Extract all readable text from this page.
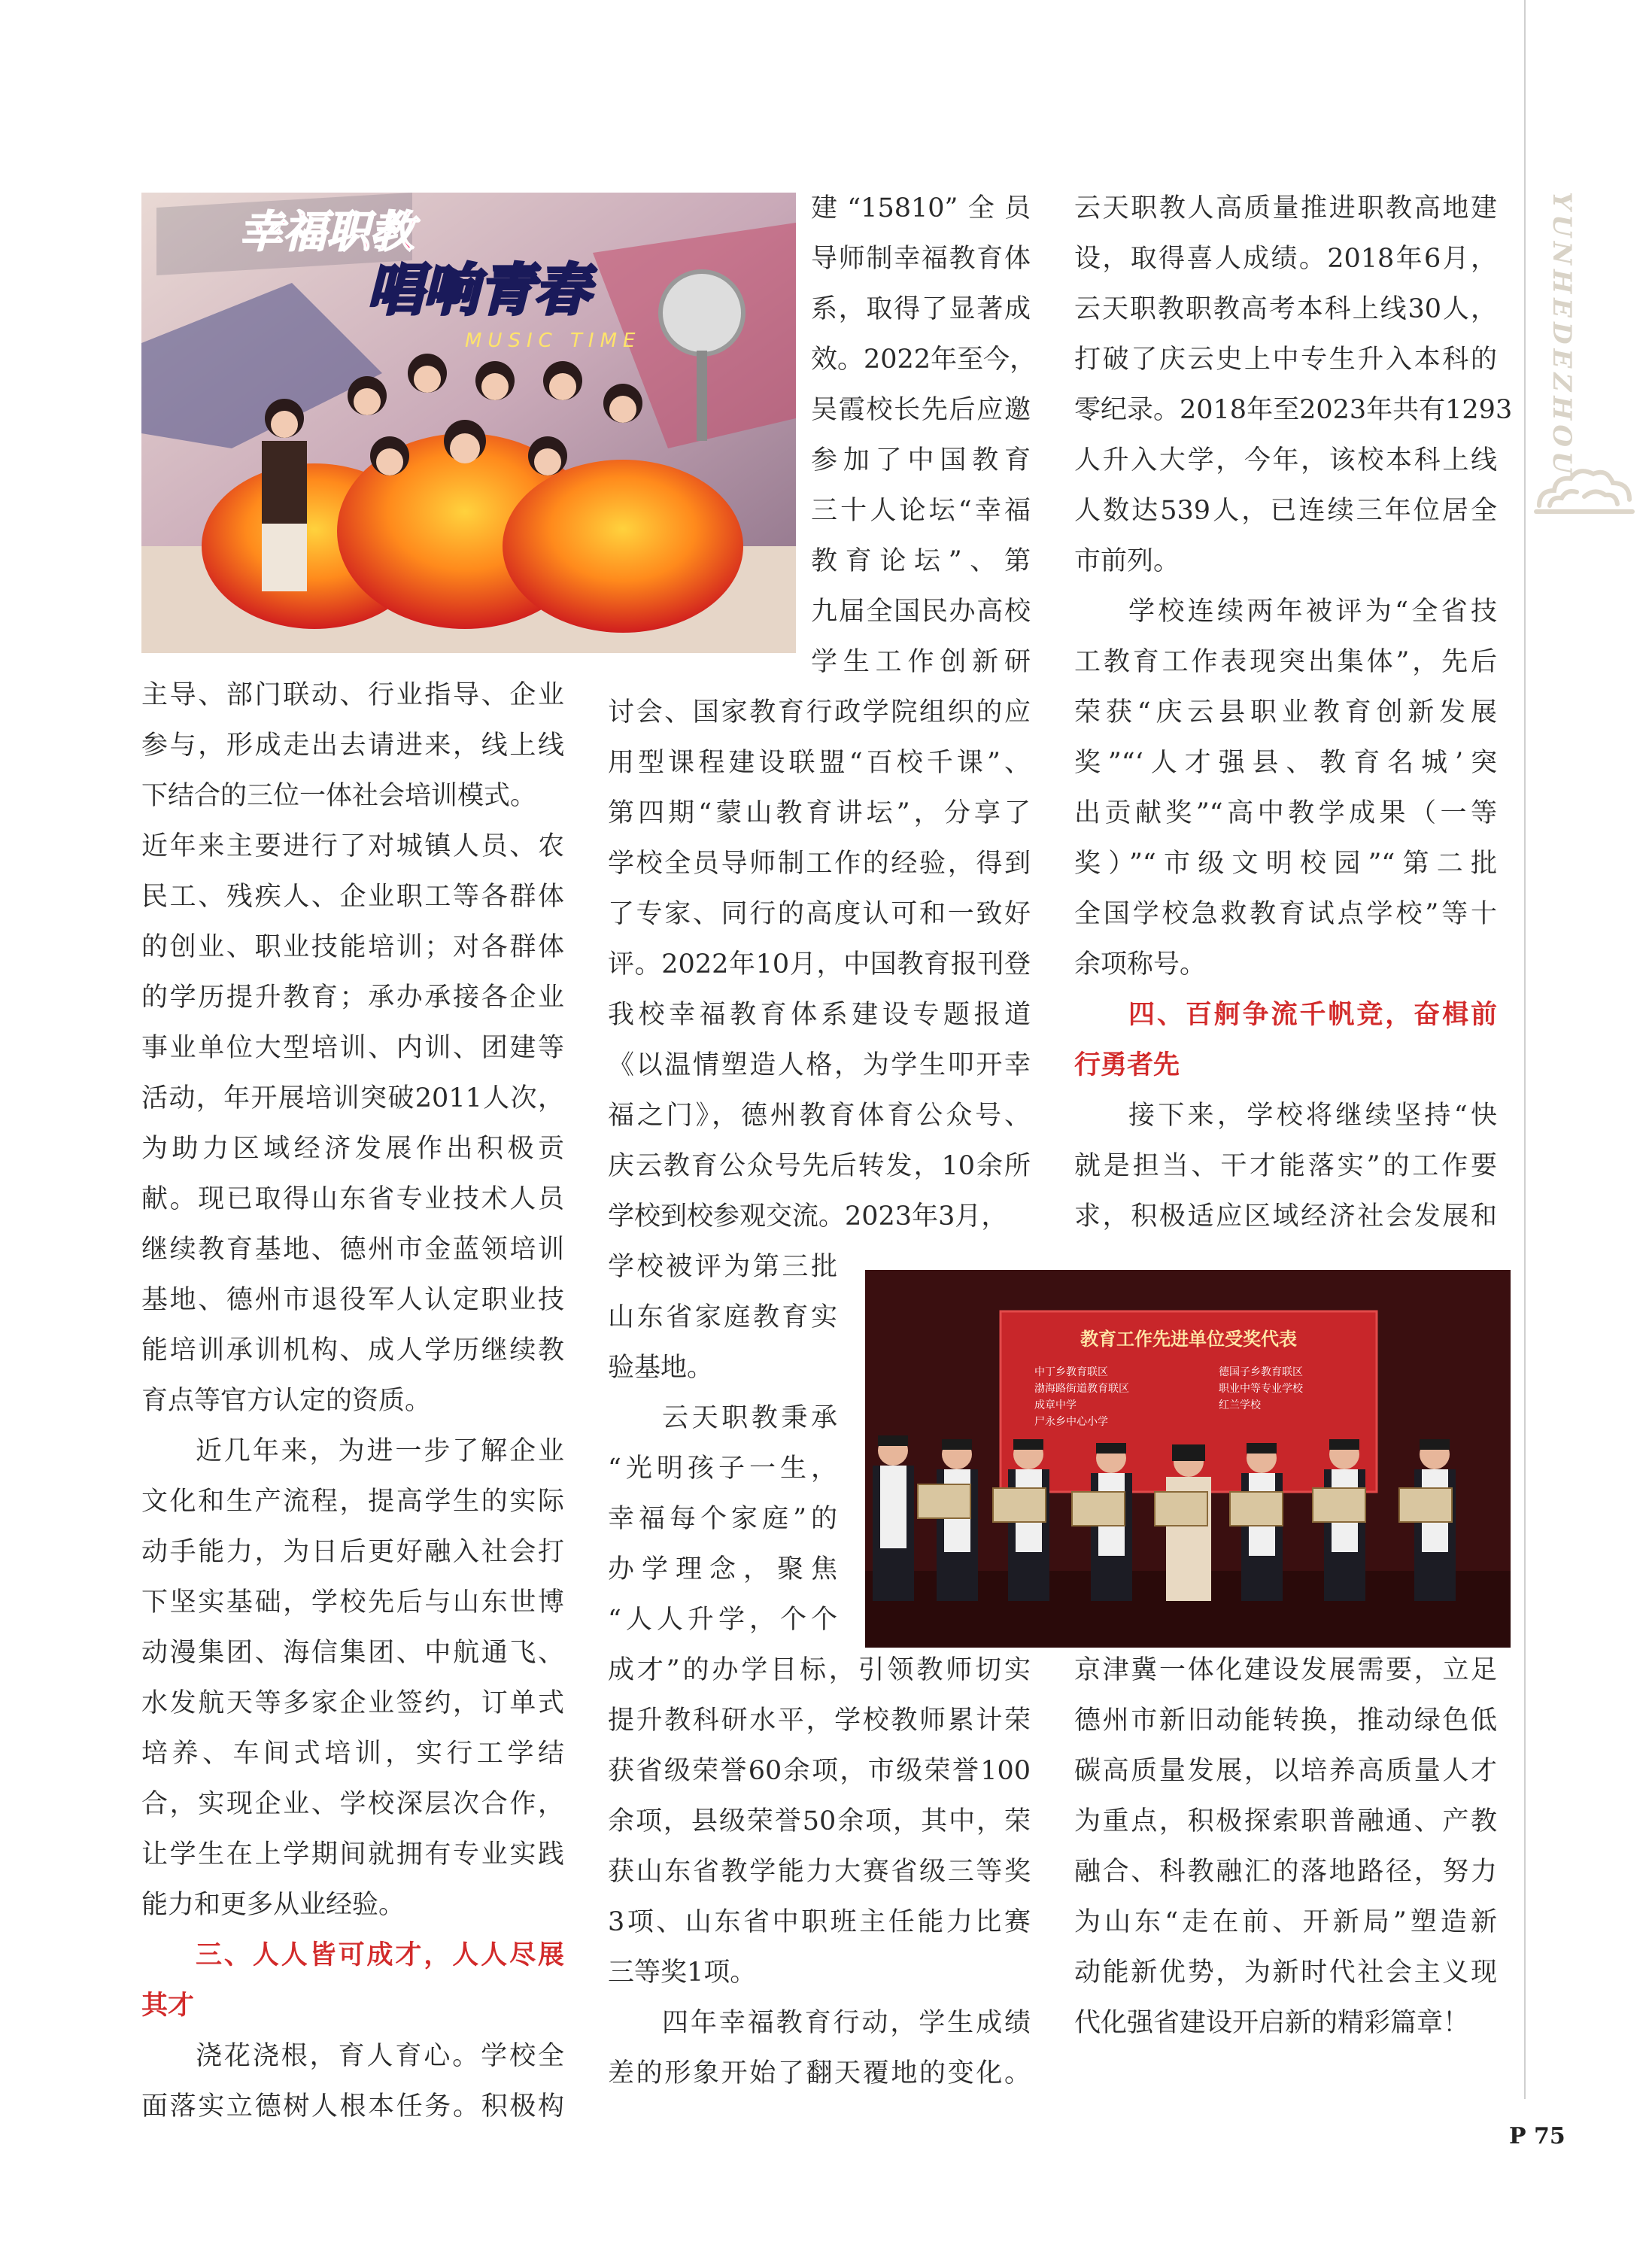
YUNHEDEZHOU
幸福职教
唱响青春
MUSIC TIME
教育工作先进单位受奖代表
中丁乡教育联区
渤海路街道教育联区
成章中学
尸永乡中心小学
德国子乡教育联区
职业中等专业学校
红兰学校
主导、部门联动、行业指导、企业
参与，形成走出去请进来，线上线
下结合的三位一体社会培训模式。
近年来主要进行了对城镇人员、农
民工、残疾人、企业职工等各群体
的创业、职业技能培训；对各群体
的学历提升教育；承办承接各企业
事业单位大型培训、内训、团建等
活动，年开展培训突破2011人次，
为助力区域经济发展作出积极贡
献。现已取得山东省专业技术人员
继续教育基地、德州市金蓝领培训
基地、德州市退役军人认定职业技
能培训承训机构、成人学历继续教
育点等官方认定的资质。
近几年来，为进一步了解企业
文化和生产流程，提高学生的实际
动手能力，为日后更好融入社会打
下坚实基础，学校先后与山东世博
动漫集团、海信集团、中航通飞、
水发航天等多家企业签约，订单式
培养、车间式培训，实行工学结
合，实现企业、学校深层次合作，
让学生在上学期间就拥有专业实践
能力和更多从业经验。
三、人人皆可成才，人人尽展
其才
浇花浇根，育人育心。学校全
面落实立德树人根本任务。积极构
建“15810”全员
导师制幸福教育体
系，取得了显著成
效。2022年至今，
吴霞校长先后应邀
参加了中国教育
三十人论坛“幸福
教育论坛”、第
九届全国民办高校
学生工作创新研
讨会、国家教育行政学院组织的应
用型课程建设联盟“百校千课”、
第四期“蒙山教育讲坛”，分享了
学校全员导师制工作的经验，得到
了专家、同行的高度认可和一致好
评。2022年10月，中国教育报刊登
我校幸福教育体系建设专题报道
《以温情塑造人格，为学生叩开幸
福之门》，德州教育体育公众号、
庆云教育公众号先后转发，10余所
学校到校参观交流。2023年3月，
学校被评为第三批
山东省家庭教育实
验基地。
云天职教秉承
“光明孩子一生，
幸福每个家庭”的
办学理念，聚焦
“人人升学，个个
成才”的办学目标，引领教师切实
提升教科研水平，学校教师累计荣
获省级荣誉60余项，市级荣誉100
余项，县级荣誉50余项，其中，荣
获山东省教学能力大赛省级三等奖
3项、山东省中职班主任能力比赛
三等奖1项。
四年幸福教育行动，学生成绩
差的形象开始了翻天覆地的变化。
云天职教人高质量推进职教高地建
设，取得喜人成绩。2018年6月，
云天职教职教高考本科上线30人，
打破了庆云史上中专生升入本科的
零纪录。2018年至2023年共有1293
人升入大学，今年，该校本科上线
人数达539人，已连续三年位居全
市前列。
学校连续两年被评为“全省技
工教育工作表现突出集体”，先后
荣获“庆云县职业教育创新发展
奖”“‘人才强县、教育名城’突
出贡献奖”“高中教学成果（一等
奖）”“市级文明校园”“第二批
全国学校急救教育试点学校”等十
余项称号。
四、百舸争流千帆竞，奋楫前
行勇者先
接下来，学校将继续坚持“快
就是担当、干才能落实”的工作要
求，积极适应区域经济社会发展和
京津冀一体化建设发展需要，立足
德州市新旧动能转换，推动绿色低
碳高质量发展，以培养高质量人才
为重点，积极探索职普融通、产教
融合、科教融汇的落地路径，努力
为山东“走在前、开新局”塑造新
动能新优势，为新时代社会主义现
代化强省建设开启新的精彩篇章！
P 75
